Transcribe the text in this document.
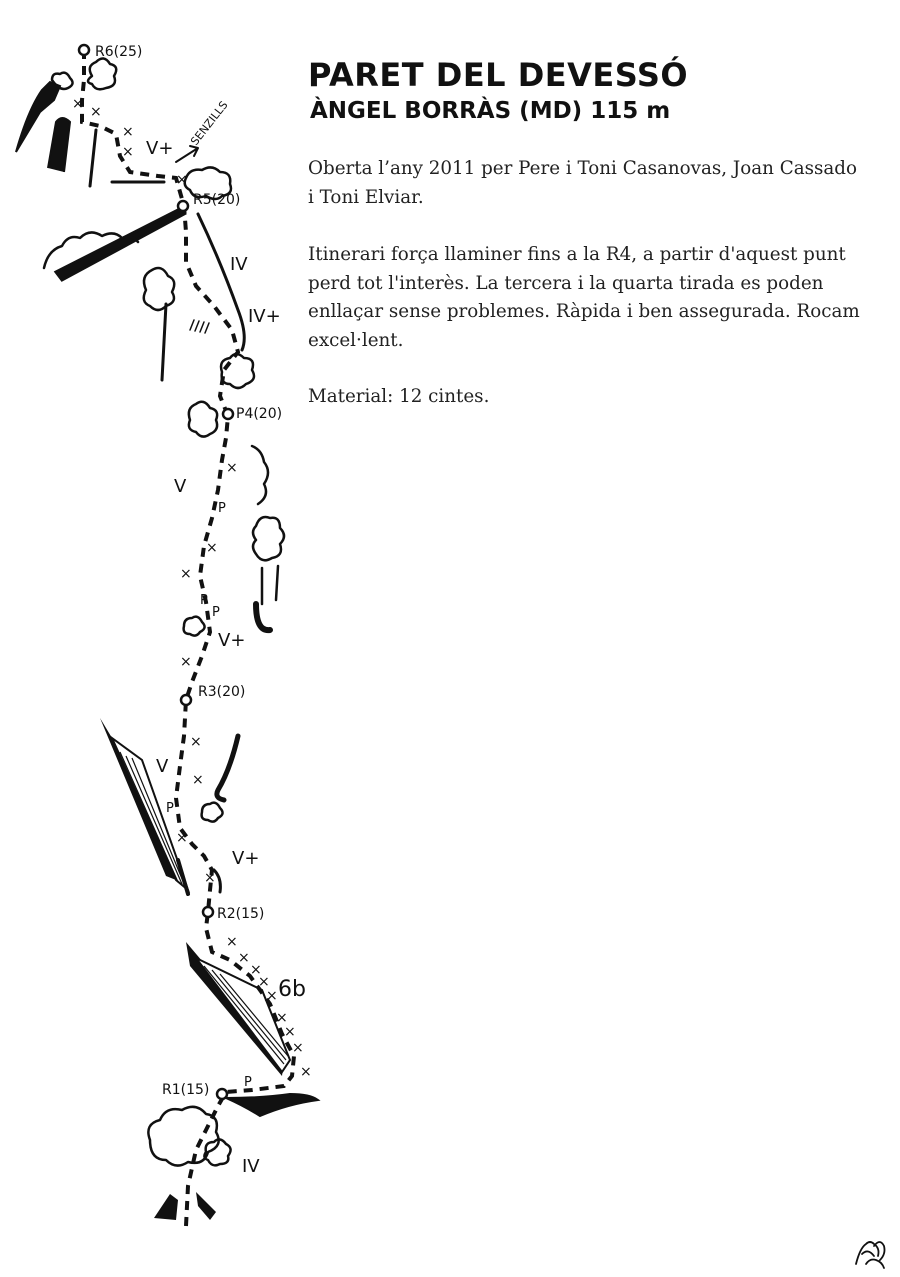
× ×
×
×
×
×
×
×
×
×
×
×
×
×
×
×
×
×
×
×
×
×
R6(25)
R5(20)
P4(20)
R3(20)
R2(15)
R1(15)
IV
6b
V+
V
V+
V
IV
IV+
V+
P
P
P
P
P
SENZILLS
PARET DEL DEVESSÓ
ÀNGEL BORRÀS (MD) 115 m

Oberta l’any 2011 per Pere i Toni Casanovas, Joan Cassado i Toni Elviar.

Itinerari força llaminer fins a la R4, a partir d'aquest punt perd tot l'interès. La tercera i la quarta tirada es poden enllaçar sense problemes. Ràpida i ben assegurada. Rocam excel·lent.

Material: 12 cintes.
